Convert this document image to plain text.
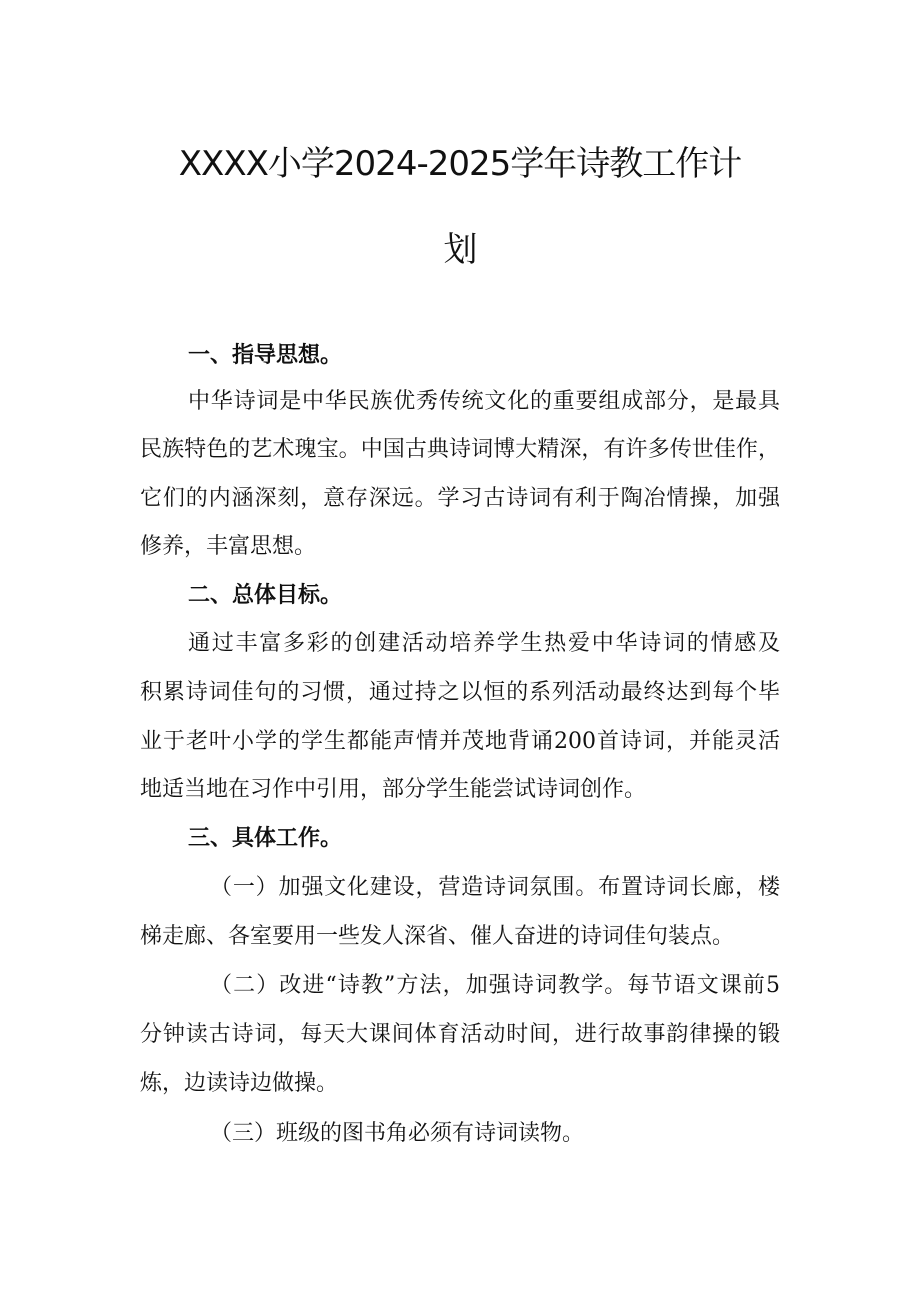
XXXX小学2024-2025学年诗教工作计
划
一、指导思想。
中华诗词是中华民族优秀传统文化的重要组成部分，是最具
民族特色的艺术瑰宝。中国古典诗词博大精深，有许多传世佳作，
它们的内涵深刻，意存深远。学习古诗词有利于陶冶情操，加强
修养，丰富思想。
二、总体目标。
通过丰富多彩的创建活动培养学生热爱中华诗词的情感及
积累诗词佳句的习惯，通过持之以恒的系列活动最终达到每个毕
业于老叶小学的学生都能声情并茂地背诵200首诗词，并能灵活
地适当地在习作中引用，部分学生能尝试诗词创作。
三、具体工作。
（一）加强文化建设，营造诗词氛围。布置诗词长廊，楼
梯走廊、各室要用一些发人深省、催人奋进的诗词佳句装点。
（二）改进“诗教”方法，加强诗词教学。每节语文课前5
分钟读古诗词，每天大课间体育活动时间，进行故事韵律操的锻
炼，边读诗边做操。
（三）班级的图书角必须有诗词读物。
